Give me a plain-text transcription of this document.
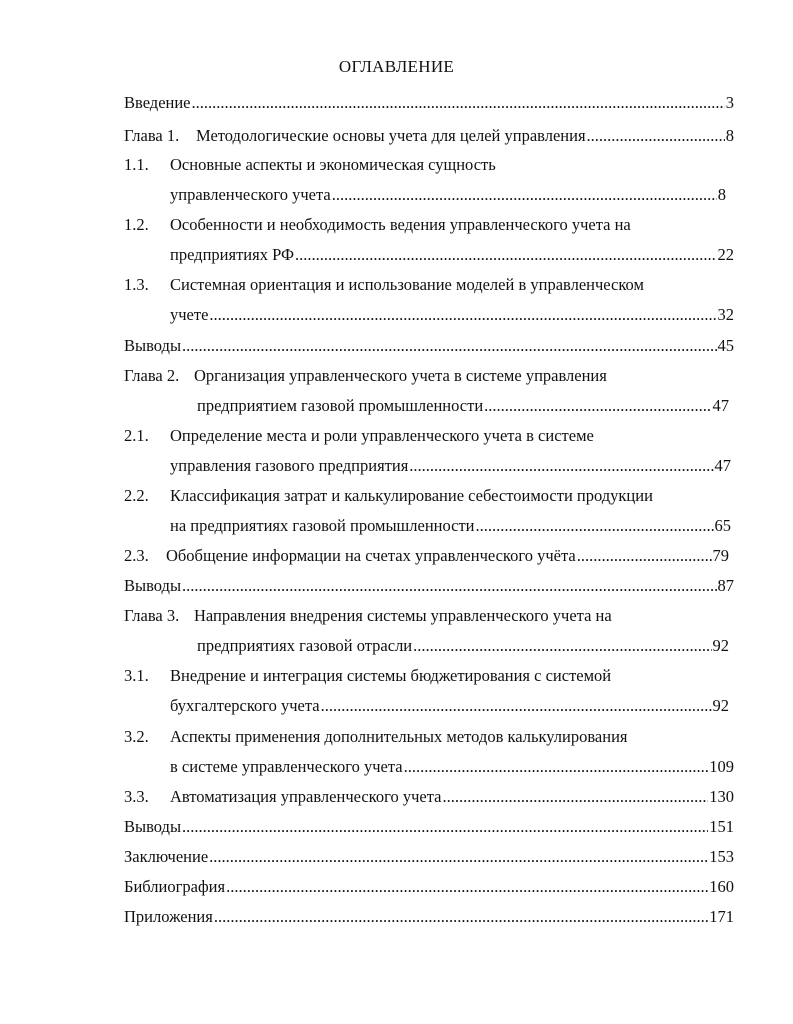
ОГЛАВЛЕНИЕ
Введение .....	3
Глава 1.	Методологические основы учета для целей управления .....	8
1.1.	Основные аспекты и экономическая сущность
управленческого учета .....	8
1.2.	Особенности и необходимость ведения управленческого учета на
предприятиях РФ .....	22
1.3.	Системная ориентация и использование моделей в управленческом
учете .....	32
Выводы .....	45
Глава 2. Организация управленческого учета в системе управления
предприятием газовой промышленности .....	47
2.1.	Определение места и роли управленческого учета в системе
управления газового предприятия .....	47
2.2.	Классификация затрат и калькулирование себестоимости продукции
на предприятиях газовой промышленности .....	65
2.3.	Обобщение информации на счетах управленческого учёта .....	79
Выводы .....	87
Глава 3. Направления внедрения системы управленческого учета на
предприятиях газовой отрасли .....	92
3.1.	Внедрение и интеграция системы бюджетирования с системой
бухгалтерского учета .....	92
3.2.	Аспекты применения дополнительных методов калькулирования
в системе управленческого учета .....	109
3.3.	Автоматизация управленческого учета .....	130
Выводы .....	151
Заключение .....	153
Библиография .....	160
Приложения .....	171
